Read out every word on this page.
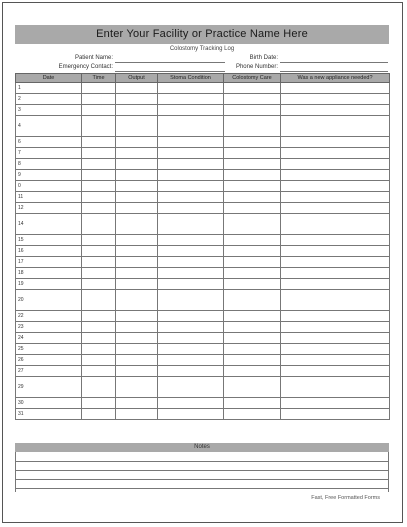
Enter Your Facility or Practice Name Here
Colostomy Tracking Log
Patient Name:	Birth Date:
Emergency Contact:	Phone Number:
Date	Time	Output	Stoma Condition	Colostomy Care	Was a new appliance needed?
1					
2					
3					
4					
6					
7					
8					
9					
0					
11					
12					
14					
15					
16					
17					
18					
19					
20					
22					
23					
24					
25					
26					
27					
29					
30					
31					
Notes
Fast, Free Formatted Forms
